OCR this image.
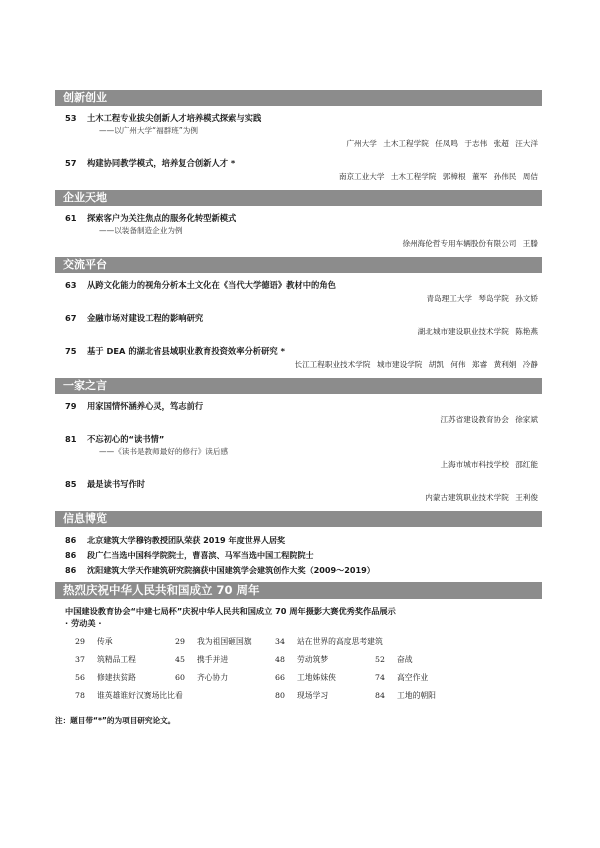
创新创业
53	土木工程专业拔尖创新人才培养模式探索与实践
——以广州大学“福群班”为例
广州大学 土木工程学院 任凤鸣 于志伟 张超 汪大洋
57	构建协同教学模式，培养复合创新人才 *
南京工业大学 土木工程学院 郭樟根 董军 孙伟民 周佶
企业天地
61	探索客户为关注焦点的服务化转型新模式
——以装备制造企业为例
徐州海伦哲专用车辆股份有限公司 王滕
交流平台
63	从跨文化能力的视角分析本土文化在《当代大学德语》教材中的角色
青岛理工大学 琴岛学院 孙文娇
67	金融市场对建设工程的影响研究
湖北城市建设职业技术学院 陈艳燕
75	基于 DEA 的湖北省县域职业教育投资效率分析研究 *
长江工程职业技术学院 城市建设学院 胡凯 何伟 郑睿 黄利娟 冷静
一家之言
79	用家国情怀涵养心灵，笃志前行
江苏省建设教育协会 徐家斌
81	不忘初心的“读书情”
——《读书是教师最好的修行》读后感
上海市城市科技学校 邵红能
85	最是读书写作时
内蒙古建筑职业技术学院 王利俊
信息博览
86	北京建筑大学穆钧教授团队荣获 2019 年度世界人居奖
86	段广仁当选中国科学院院士，曹喜滨、马军当选中国工程院院士
86	沈阳建筑大学天作建筑研究院摘获中国建筑学会建筑创作大奖（2009～2019）
热烈庆祝中华人民共和国成立 70 周年
中国建设教育协会“中建七局杯”庆祝中华人民共和国成立 70 周年摄影大赛优秀奖作品展示
· 劳动美 ·
29	传承	29	我为祖国砸国旗	34	站在世界的高度思考建筑
37	筑精品工程	45	携手并进	48	劳动筑梦	52	奋战
56	修建扶贫路	60	齐心协力	66	工地姊妹俠	74	高空作业
78	谁英雄谁好汉赛场比比看	80	现场学习	84	工地的朝阳
注：题目带“*”的为项目研究论文。
